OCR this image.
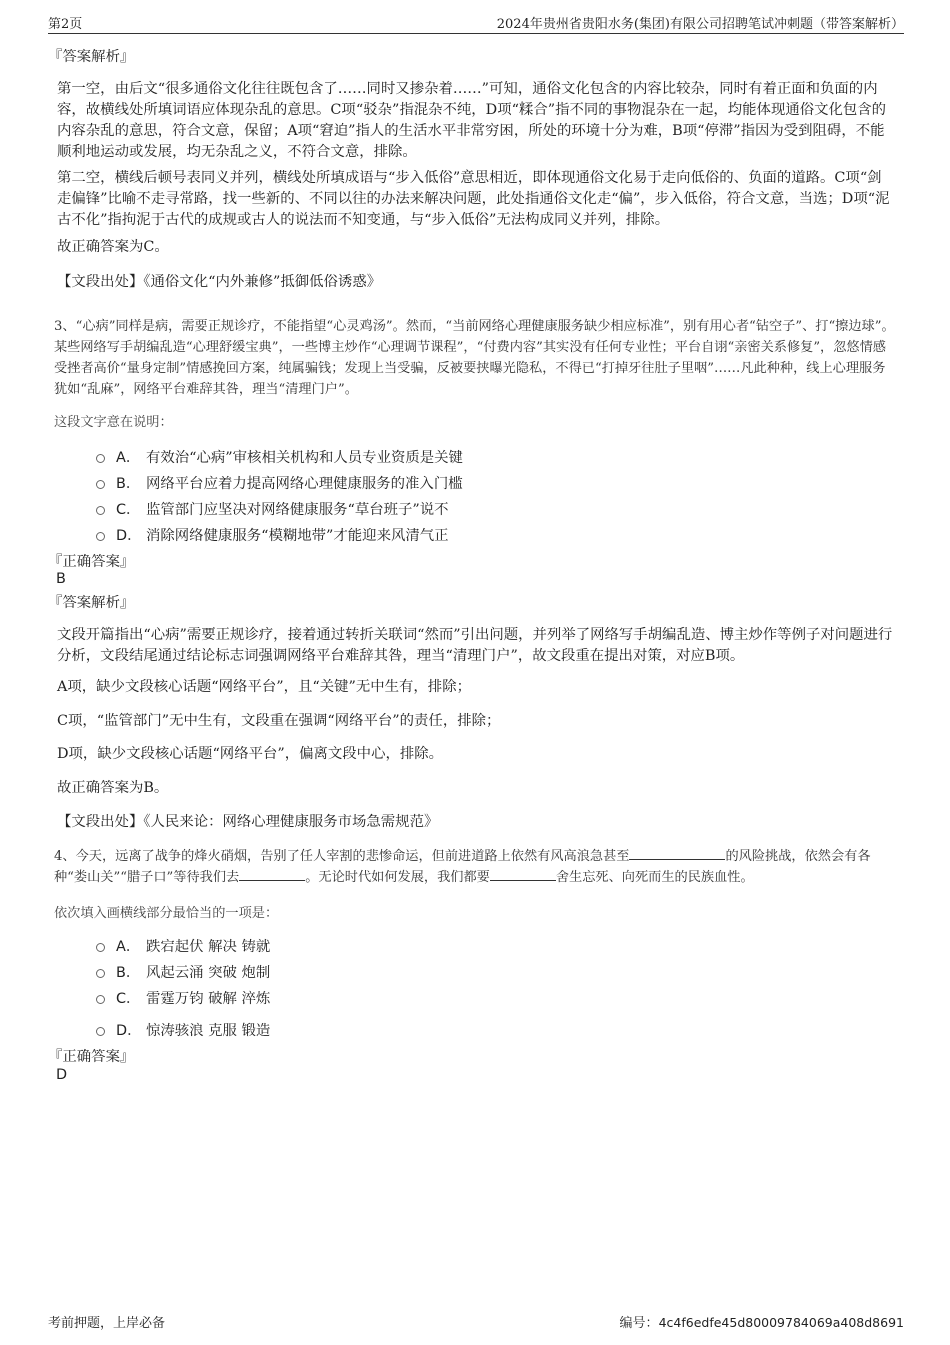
第2页	2024年贵州省贵阳水务(集团)有限公司招聘笔试冲刺题（带答案解析）
『答案解析』
第一空，由后文“很多通俗文化往往既包含了……同时又掺杂着……”可知，通俗文化包含的内容比较杂，同时有着正面和负面的内容，故横线处所填词语应体现杂乱的意思。C项“驳杂”指混杂不纯，D项“糅合”指不同的事物混杂在一起，均能体现通俗文化包含的内容杂乱的意思，符合文意，保留；A项“窘迫”指人的生活水平非常穷困，所处的环境十分为难，B项“停滞”指因为受到阻碍，不能顺利地运动或发展，均无杂乱之义，不符合文意，排除。
第二空，横线后顿号表同义并列，横线处所填成语与“步入低俗”意思相近，即体现通俗文化易于走向低俗的、负面的道路。C项“剑走偏锋”比喻不走寻常路，找一些新的、不同以往的办法来解决问题，此处指通俗文化走“偏”，步入低俗，符合文意，当选；D项“泥古不化”指拘泥于古代的成规或古人的说法而不知变通，与“步入低俗”无法构成同义并列，排除。
故正确答案为C。
【文段出处】《通俗文化“内外兼修”抵御低俗诱惑》
3、“心病”同样是病，需要正规诊疗，不能指望“心灵鸡汤”。然而，“当前网络心理健康服务缺少相应标准”，别有用心者“钻空子”、打“擦边球”。某些网络写手胡编乱造“心理舒缓宝典”，一些博主炒作“心理调节课程”，“付费内容”其实没有任何专业性；平台自诩“亲密关系修复”，忽悠情感受挫者高价“量身定制”情感挽回方案，纯属骗钱；发现上当受骗，反被要挟曝光隐私，不得已“打掉牙往肚子里咽”……凡此种种，线上心理服务犹如“乱麻”，网络平台难辞其咎，理当“清理门户”。
这段文字意在说明：
A． 有效治“心病”审核相关机构和人员专业资质是关键
B． 网络平台应着力提高网络心理健康服务的准入门槛
C． 监管部门应坚决对网络健康服务“草台班子”说不
D． 消除网络健康服务“模糊地带”才能迎来风清气正
『正确答案』
B
『答案解析』
文段开篇指出“心病”需要正规诊疗，接着通过转折关联词“然而”引出问题，并列举了网络写手胡编乱造、博主炒作等例子对问题进行分析，文段结尾通过结论标志词强调网络平台难辞其咎，理当“清理门户”，故文段重在提出对策，对应B项。
A项，缺少文段核心话题“网络平台”，且“关键”无中生有，排除；
C项，“监管部门”无中生有，文段重在强调“网络平台”的责任，排除；
D项，缺少文段核心话题“网络平台”，偏离文段中心，排除。
故正确答案为B。
【文段出处】《人民来论：网络心理健康服务市场急需规范》
4、今天，远离了战争的烽火硝烟，告别了任人宰割的悲惨命运，但前进道路上依然有风高浪急甚至	的风险挑战，依然会有各种“娄山关”“腊子口”等待我们去	。无论时代如何发展，我们都要	舍生忘死、向死而生的民族血性。
依次填入画横线部分最恰当的一项是：
A． 跌宕起伏 解决 铸就
B． 风起云涌 突破 炮制
C． 雷霆万钧 破解 淬炼
D． 惊涛骇浪 克服 锻造
『正确答案』
D
考前押题，上岸必备	编号：4c4f6edfe45d80009784069a408d8691
